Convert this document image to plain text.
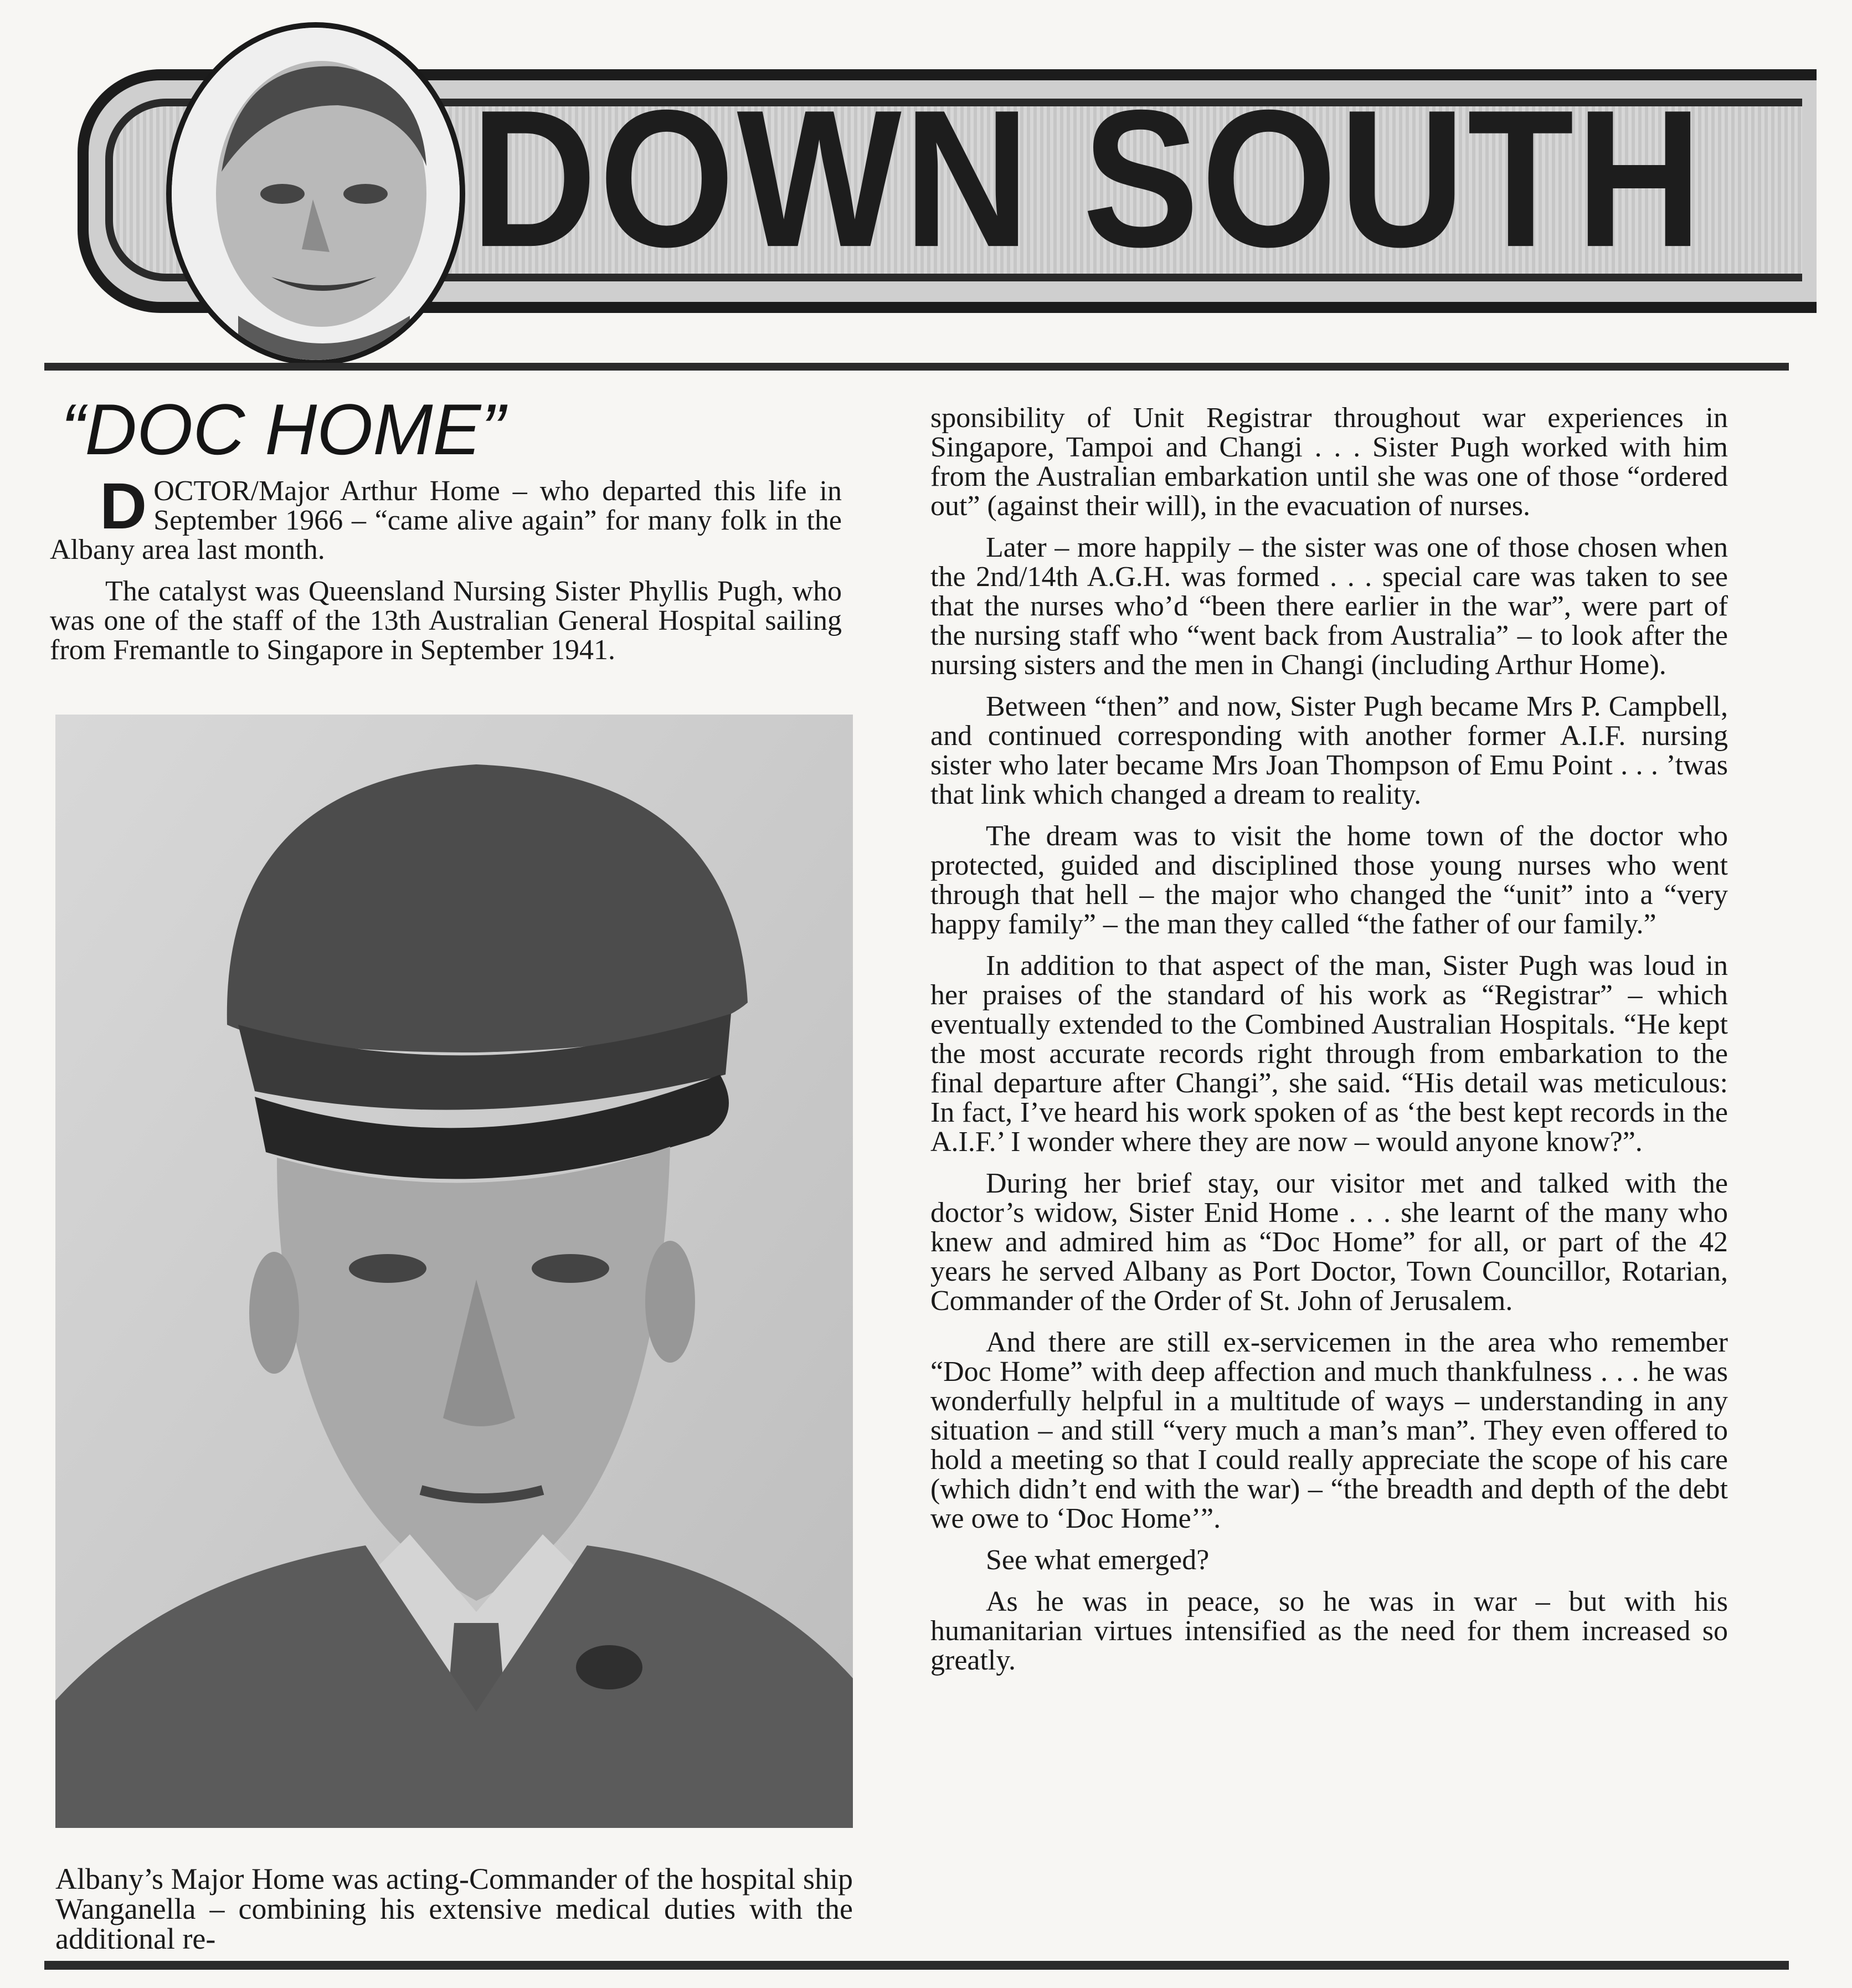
DOWN SOUTH
“DOC HOME”

DOCTOR/Major Arthur Home – who departed this life in September 1966 – “came alive again” for many folk in the Albany area last month.

The catalyst was Queensland Nursing Sister Phyllis Pugh, who was one of the staff of the 13th Australian General Hospital sailing from Fremantle to Singapore in September 1941.

Albany’s Major Home was acting-Commander of the hospital ship Wanganella – combining his extensive medical duties with the additional re-

sponsibility of Unit Registrar throughout war experiences in Singapore, Tampoi and Changi . . . Sister Pugh worked with him from the Australian embarkation until she was one of those “ordered out” (against their will), in the evacuation of nurses.

Later – more happily – the sister was one of those chosen when the 2nd/14th A.G.H. was formed . . . special care was taken to see that the nurses who’d “been there earlier in the war”, were part of the nursing staff who “went back from Australia” – to look after the nursing sisters and the men in Changi (including Arthur Home).

Between “then” and now, Sister Pugh became Mrs P. Campbell, and continued corresponding with another former A.I.F. nursing sister who later became Mrs Joan Thompson of Emu Point . . . ’twas that link which changed a dream to reality.

The dream was to visit the home town of the doctor who protected, guided and disciplined those young nurses who went through that hell – the major who changed the “unit” into a “very happy family” – the man they called “the father of our family.”

In addition to that aspect of the man, Sister Pugh was loud in her praises of the standard of his work as “Registrar” – which eventually extended to the Combined Australian Hospitals. “He kept the most accurate records right through from embarkation to the final departure after Changi”, she said. “His detail was meticulous: In fact, I’ve heard his work spoken of as ‘the best kept records in the A.I.F.’ I wonder where they are now – would anyone know?”.

During her brief stay, our visitor met and talked with the doctor’s widow, Sister Enid Home . . . she learnt of the many who knew and admired him as “Doc Home” for all, or part of the 42 years he served Albany as Port Doctor, Town Councillor, Rotarian, Commander of the Order of St. John of Jerusalem.

And there are still ex-servicemen in the area who remember “Doc Home” with deep affection and much thankfulness . . . he was wonderfully helpful in a multitude of ways – understanding in any situation – and still “very much a man’s man”. They even offered to hold a meeting so that I could really appreciate the scope of his care (which didn’t end with the war) – “the breadth and depth of the debt we owe to ‘Doc Home’”.

See what emerged?

As he was in peace, so he was in war – but with his humanitarian virtues intensified as the need for them increased so greatly.
